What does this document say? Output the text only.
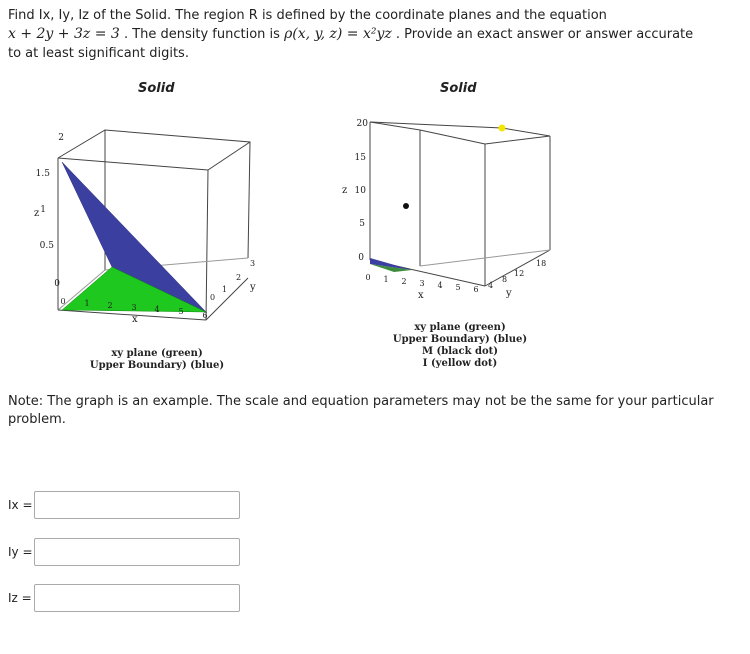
Find Ix, Iy, Iz of the Solid. The region R is defined by the coordinate planes and the equation
x + 2y + 3z = 3 . The density function is ρ(x, y, z) = x²yz . Provide an exact answer or answer accurate
to at least significant digits.
Solid
2
1.5
1
0.5
0
z
0 1 2 3 4 5 6
x
0
1
2
3
y
xy plane (green)
Upper Boundary) (blue)
Solid
20
15
10
5
0
z
0 1 2 3 4 5 6
x
4
8
12
18
y
xy plane (green)
Upper Boundary) (blue)
M (black dot)
I (yellow dot)
Note: The graph is an example. The scale and equation parameters may not be the same for your particular problem.
Ix =
Iy =
Iz =
